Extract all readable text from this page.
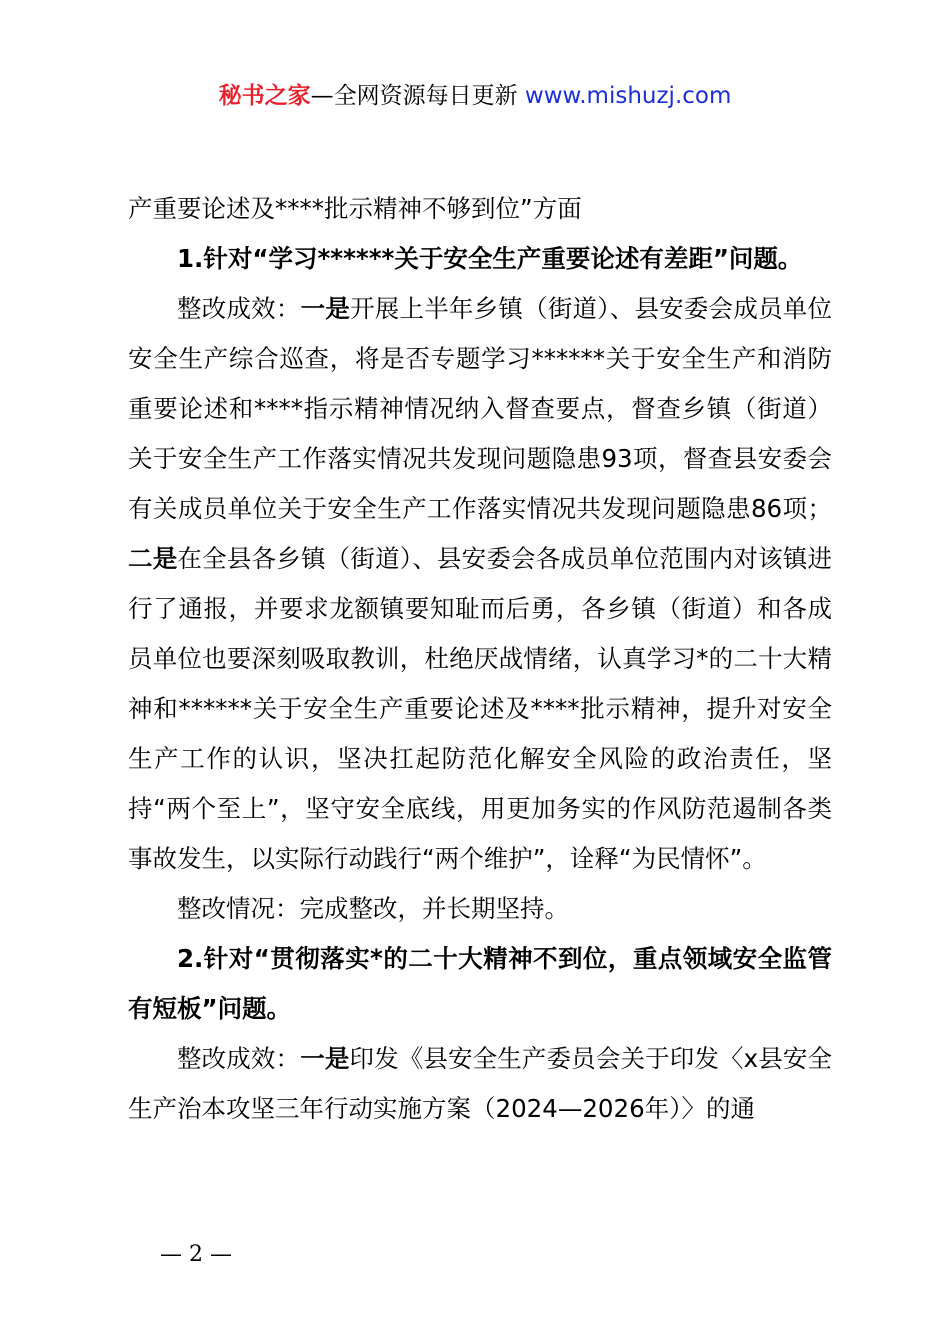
秘书之家—全网资源每日更新 www.mishuzj.com

产重要论述及****批示精神不够到位”方面

1.针对“学习******关于安全生产重要论述有差距”问题。

整改成效：一是开展上半年乡镇（街道）、县安委会成员单位安全生产综合巡查，将是否专题学习******关于安全生产和消防重要论述和****指示精神情况纳入督查要点，督查乡镇（街道）关于安全生产工作落实情况共发现问题隐患93项，督查县安委会有关成员单位关于安全生产工作落实情况共发现问题隐患86项；二是在全县各乡镇（街道）、县安委会各成员单位范围内对该镇进行了通报，并要求龙额镇要知耻而后勇，各乡镇（街道）和各成员单位也要深刻吸取教训，杜绝厌战情绪，认真学习*的二十大精神和******关于安全生产重要论述及****批示精神，提升对安全生产工作的认识，坚决扛起防范化解安全风险的政治责任，坚持“两个至上”，坚守安全底线，用更加务实的作风防范遏制各类事故发生，以实际行动践行“两个维护”，诠释“为民情怀”。

整改情况：完成整改，并长期坚持。

2.针对“贯彻落实*的二十大精神不到位，重点领域安全监管有短板”问题。

整改成效：一是印发《县安全生产委员会关于印发〈x县安全生产治本攻坚三年行动实施方案（2024—2026年）〉的通

— 2 —
